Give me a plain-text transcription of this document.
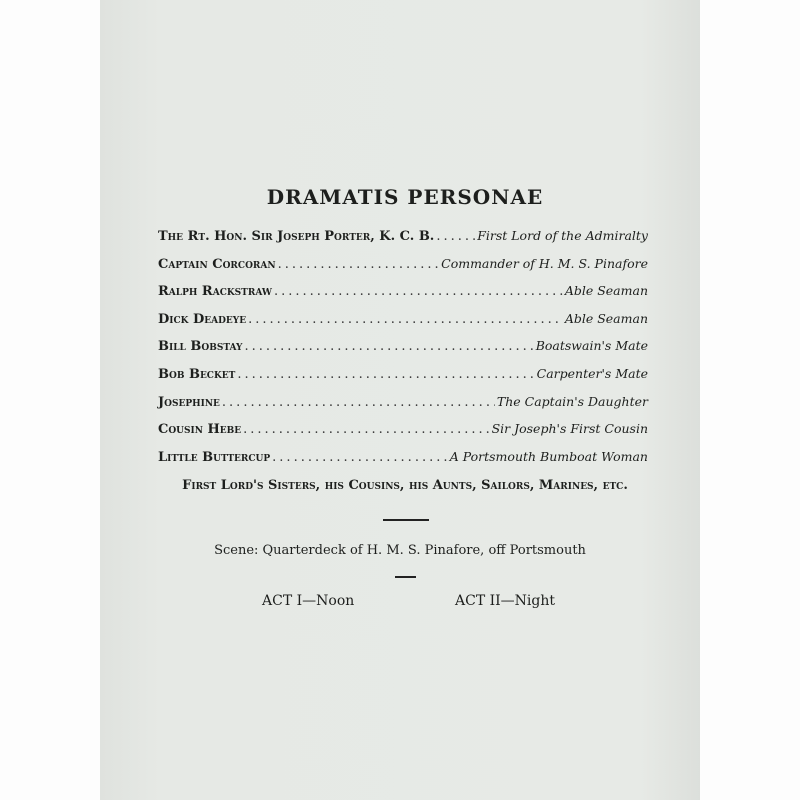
DRAMATIS PERSONAE
The Rt. Hon. Sir Joseph Porter, K. C. B. .....	First Lord of the Admiralty
Captain Corcoran .....	Commander of H. M. S. Pinafore
Ralph Rackstraw .....	Able Seaman
Dick Deadeye .....	Able Seaman
Bill Bobstay .....	Boatswain's Mate
Bob Becket .....	Carpenter's Mate
Josephine .....	The Captain's Daughter
Cousin Hebe .....	Sir Joseph's First Cousin
Little Buttercup .....	A Portsmouth Bumboat Woman
First Lord's Sisters, his Cousins, his Aunts, Sailors, Marines, etc.
Scene: Quarterdeck of H. M. S. Pinafore, off Portsmouth
ACT I—Noon	ACT II—Night
